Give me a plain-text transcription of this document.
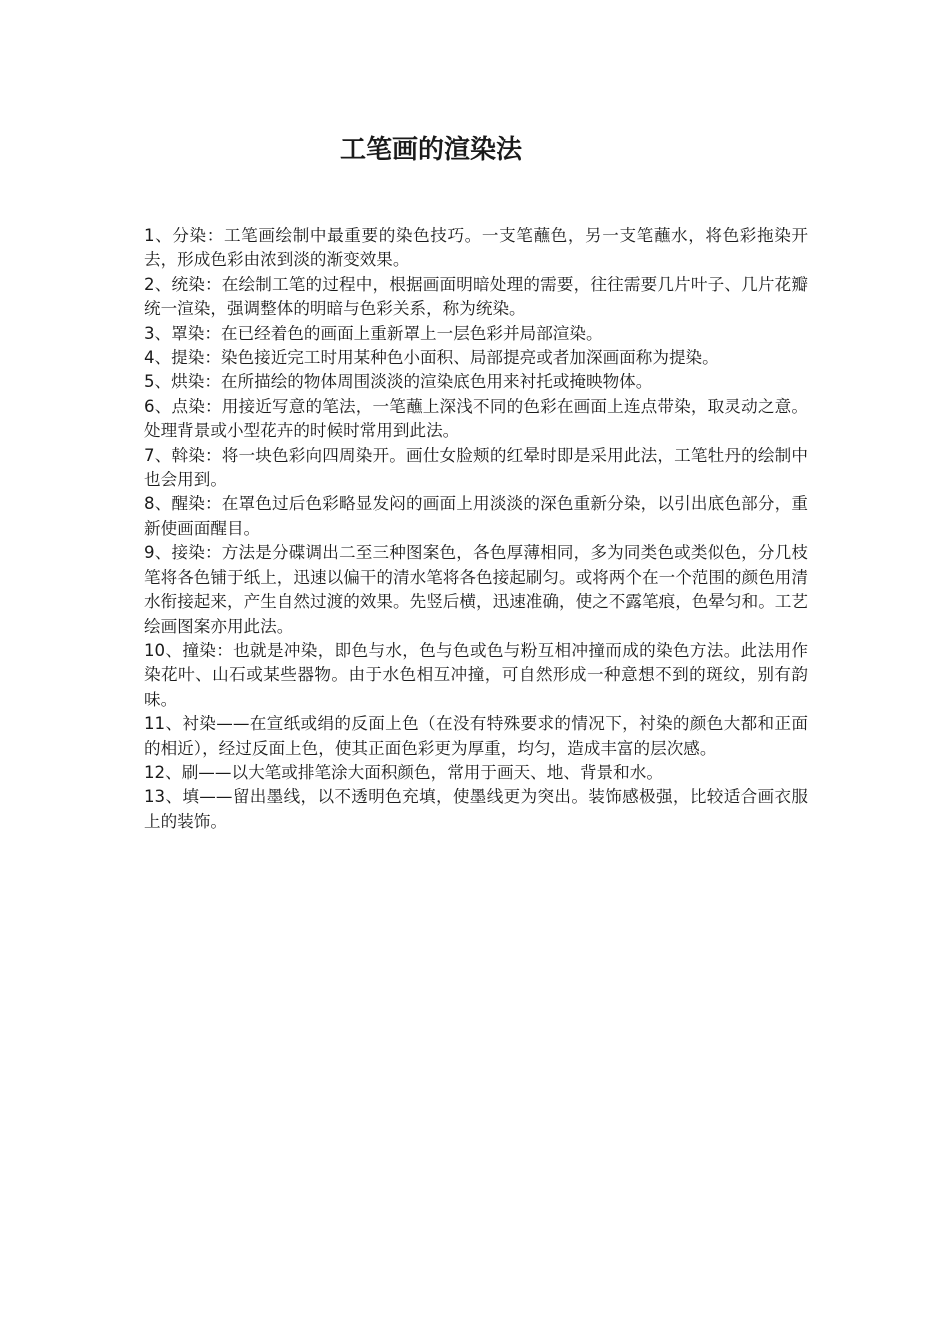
工笔画的渲染法

1、分染：工笔画绘制中最重要的染色技巧。一支笔蘸色，另一支笔蘸水，将色彩拖染开去，形成色彩由浓到淡的渐变效果。

2、统染：在绘制工笔的过程中，根据画面明暗处理的需要，往往需要几片叶子、几片花瓣统一渲染，强调整体的明暗与色彩关系，称为统染。

3、罩染：在已经着色的画面上重新罩上一层色彩并局部渲染。

4、提染：染色接近完工时用某种色小面积、局部提亮或者加深画面称为提染。

5、烘染：在所描绘的物体周围淡淡的渲染底色用来衬托或掩映物体。

6、点染：用接近写意的笔法，一笔蘸上深浅不同的色彩在画面上连点带染，取灵动之意。处理背景或小型花卉的时候时常用到此法。

7、斡染：将一块色彩向四周染开。画仕女脸颊的红晕时即是采用此法，工笔牡丹的绘制中也会用到。

8、醒染：在罩色过后色彩略显发闷的画面上用淡淡的深色重新分染，以引出底色部分，重新使画面醒目。

9、接染：方法是分碟调出二至三种图案色，各色厚薄相同，多为同类色或类似色，分几枝笔将各色铺于纸上，迅速以偏干的清水笔将各色接起刷匀。或将两个在一个范围的颜色用清水衔接起来，产生自然过渡的效果。先竖后横，迅速准确，使之不露笔痕，色晕匀和。工艺绘画图案亦用此法。

10、撞染：也就是冲染，即色与水，色与色或色与粉互相冲撞而成的染色方法。此法用作染花叶、山石或某些器物。由于水色相互冲撞，可自然形成一种意想不到的斑纹，别有韵味。

11、衬染——在宣纸或绢的反面上色（在没有特殊要求的情况下，衬染的颜色大都和正面的相近），经过反面上色，使其正面色彩更为厚重，均匀，造成丰富的层次感。

12、刷——以大笔或排笔涂大面积颜色，常用于画天、地、背景和水。

13、填——留出墨线，以不透明色充填，使墨线更为突出。装饰感极强，比较适合画衣服上的装饰。
